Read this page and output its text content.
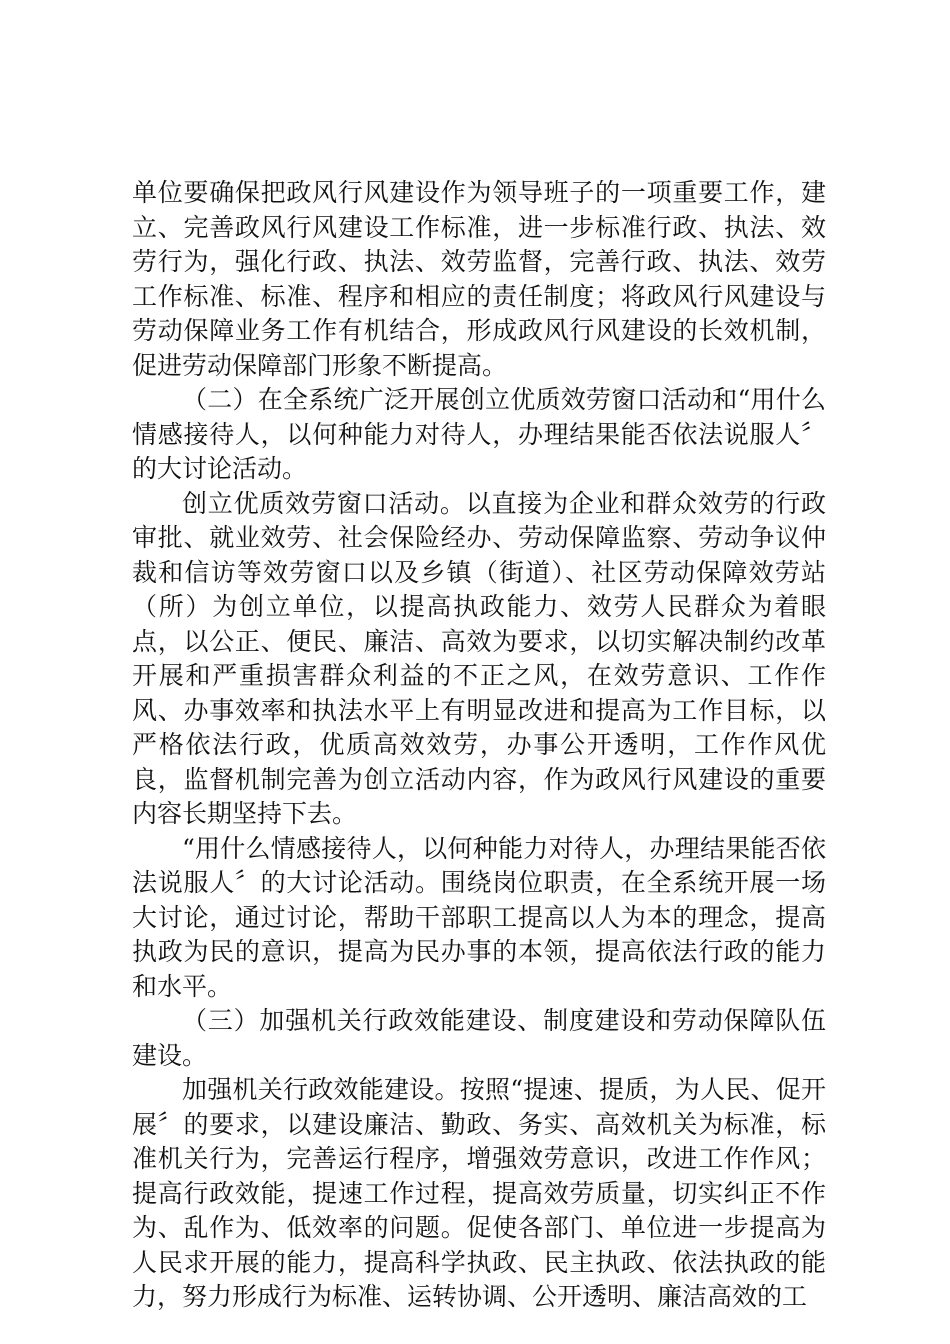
单位要确保把政风行风建设作为领导班子的一项重要工作，建立、完善政风行风建设工作标准，进一步标准行政、执法、效劳行为，强化行政、执法、效劳监督，完善行政、执法、效劳工作标准、标准、程序和相应的责任制度；将政风行风建设与劳动保障业务工作有机结合，形成政风行风建设的长效机制，促进劳动保障部门形象不断提高。

（二）在全系统广泛开展创立优质效劳窗口活动和“用什么情感接待人，以何种能力对待人，办理结果能否依法说服人〞的大讨论活动。

创立优质效劳窗口活动。以直接为企业和群众效劳的行政审批、就业效劳、社会保险经办、劳动保障监察、劳动争议仲裁和信访等效劳窗口以及乡镇（街道）、社区劳动保障效劳站（所）为创立单位，以提高执政能力、效劳人民群众为着眼点，以公正、便民、廉洁、高效为要求，以切实解决制约改革开展和严重损害群众利益的不正之风，在效劳意识、工作作风、办事效率和执法水平上有明显改进和提高为工作目标，以严格依法行政，优质高效效劳，办事公开透明，工作作风优良，监督机制完善为创立活动内容，作为政风行风建设的重要内容长期坚持下去。

“用什么情感接待人，以何种能力对待人，办理结果能否依法说服人〞的大讨论活动。围绕岗位职责，在全系统开展一场大讨论，通过讨论，帮助干部职工提高以人为本的理念，提高执政为民的意识，提高为民办事的本领，提高依法行政的能力和水平。

（三）加强机关行政效能建设、制度建设和劳动保障队伍建设。

加强机关行政效能建设。按照“提速、提质，为人民、促开展〞的要求，以建设廉洁、勤政、务实、高效机关为标准，标准机关行为，完善运行程序，增强效劳意识，改进工作作风；提高行政效能，提速工作过程，提高效劳质量，切实纠正不作为、乱作为、低效率的问题。促使各部门、单位进一步提高为人民求开展的能力，提高科学执政、民主执政、依法执政的能力，努力形成行为标准、运转协调、公开透明、廉洁高效的工
